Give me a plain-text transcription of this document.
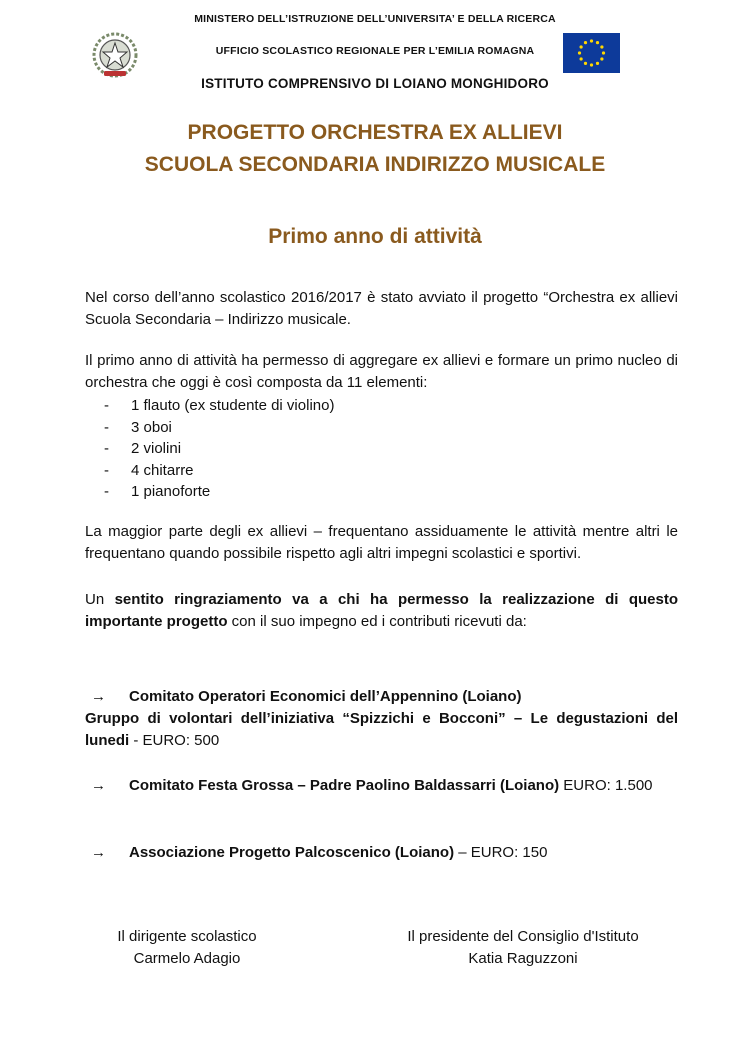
MINISTERO DELL’ISTRUZIONE DELL’UNIVERSITA’ E DELLA RICERCA
UFFICIO SCOLASTICO REGIONALE PER L’EMILIA ROMAGNA
ISTITUTO COMPRENSIVO DI LOIANO MONGHIDORO
PROGETTO ORCHESTRA EX ALLIEVI
SCUOLA SECONDARIA INDIRIZZO MUSICALE
Primo anno di attività
Nel corso dell’anno scolastico 2016/2017 è stato avviato il progetto “Orchestra ex allievi Scuola Secondaria – Indirizzo musicale.
Il primo anno di attività ha permesso di aggregare ex allievi e formare un primo nucleo di orchestra che oggi è così composta da 11 elementi:
-	1 flauto (ex studente di violino)
-	3 oboi
-	2 violini
-	4 chitarre
-	1 pianoforte
La maggior parte degli ex allievi – frequentano assiduamente le attività mentre altri le frequentano quando possibile rispetto agli altri impegni scolastici e sportivi.
Un sentito ringraziamento va a chi ha permesso la realizzazione di questo importante progetto con il suo impegno ed i contributi ricevuti da:
→ Comitato Operatori Economici dell’Appennino (Loiano)
Gruppo di volontari dell’iniziativa “Spizzichi e Bocconi” – Le degustazioni del lunedi - EURO: 500
→ Comitato Festa Grossa – Padre Paolino Baldassarri (Loiano) EURO: 1.500
→ Associazione Progetto Palcoscenico (Loiano) – EURO: 150
Il dirigente scolastico
Carmelo Adagio
Il presidente del Consiglio d'Istituto
Katia Raguzzoni
